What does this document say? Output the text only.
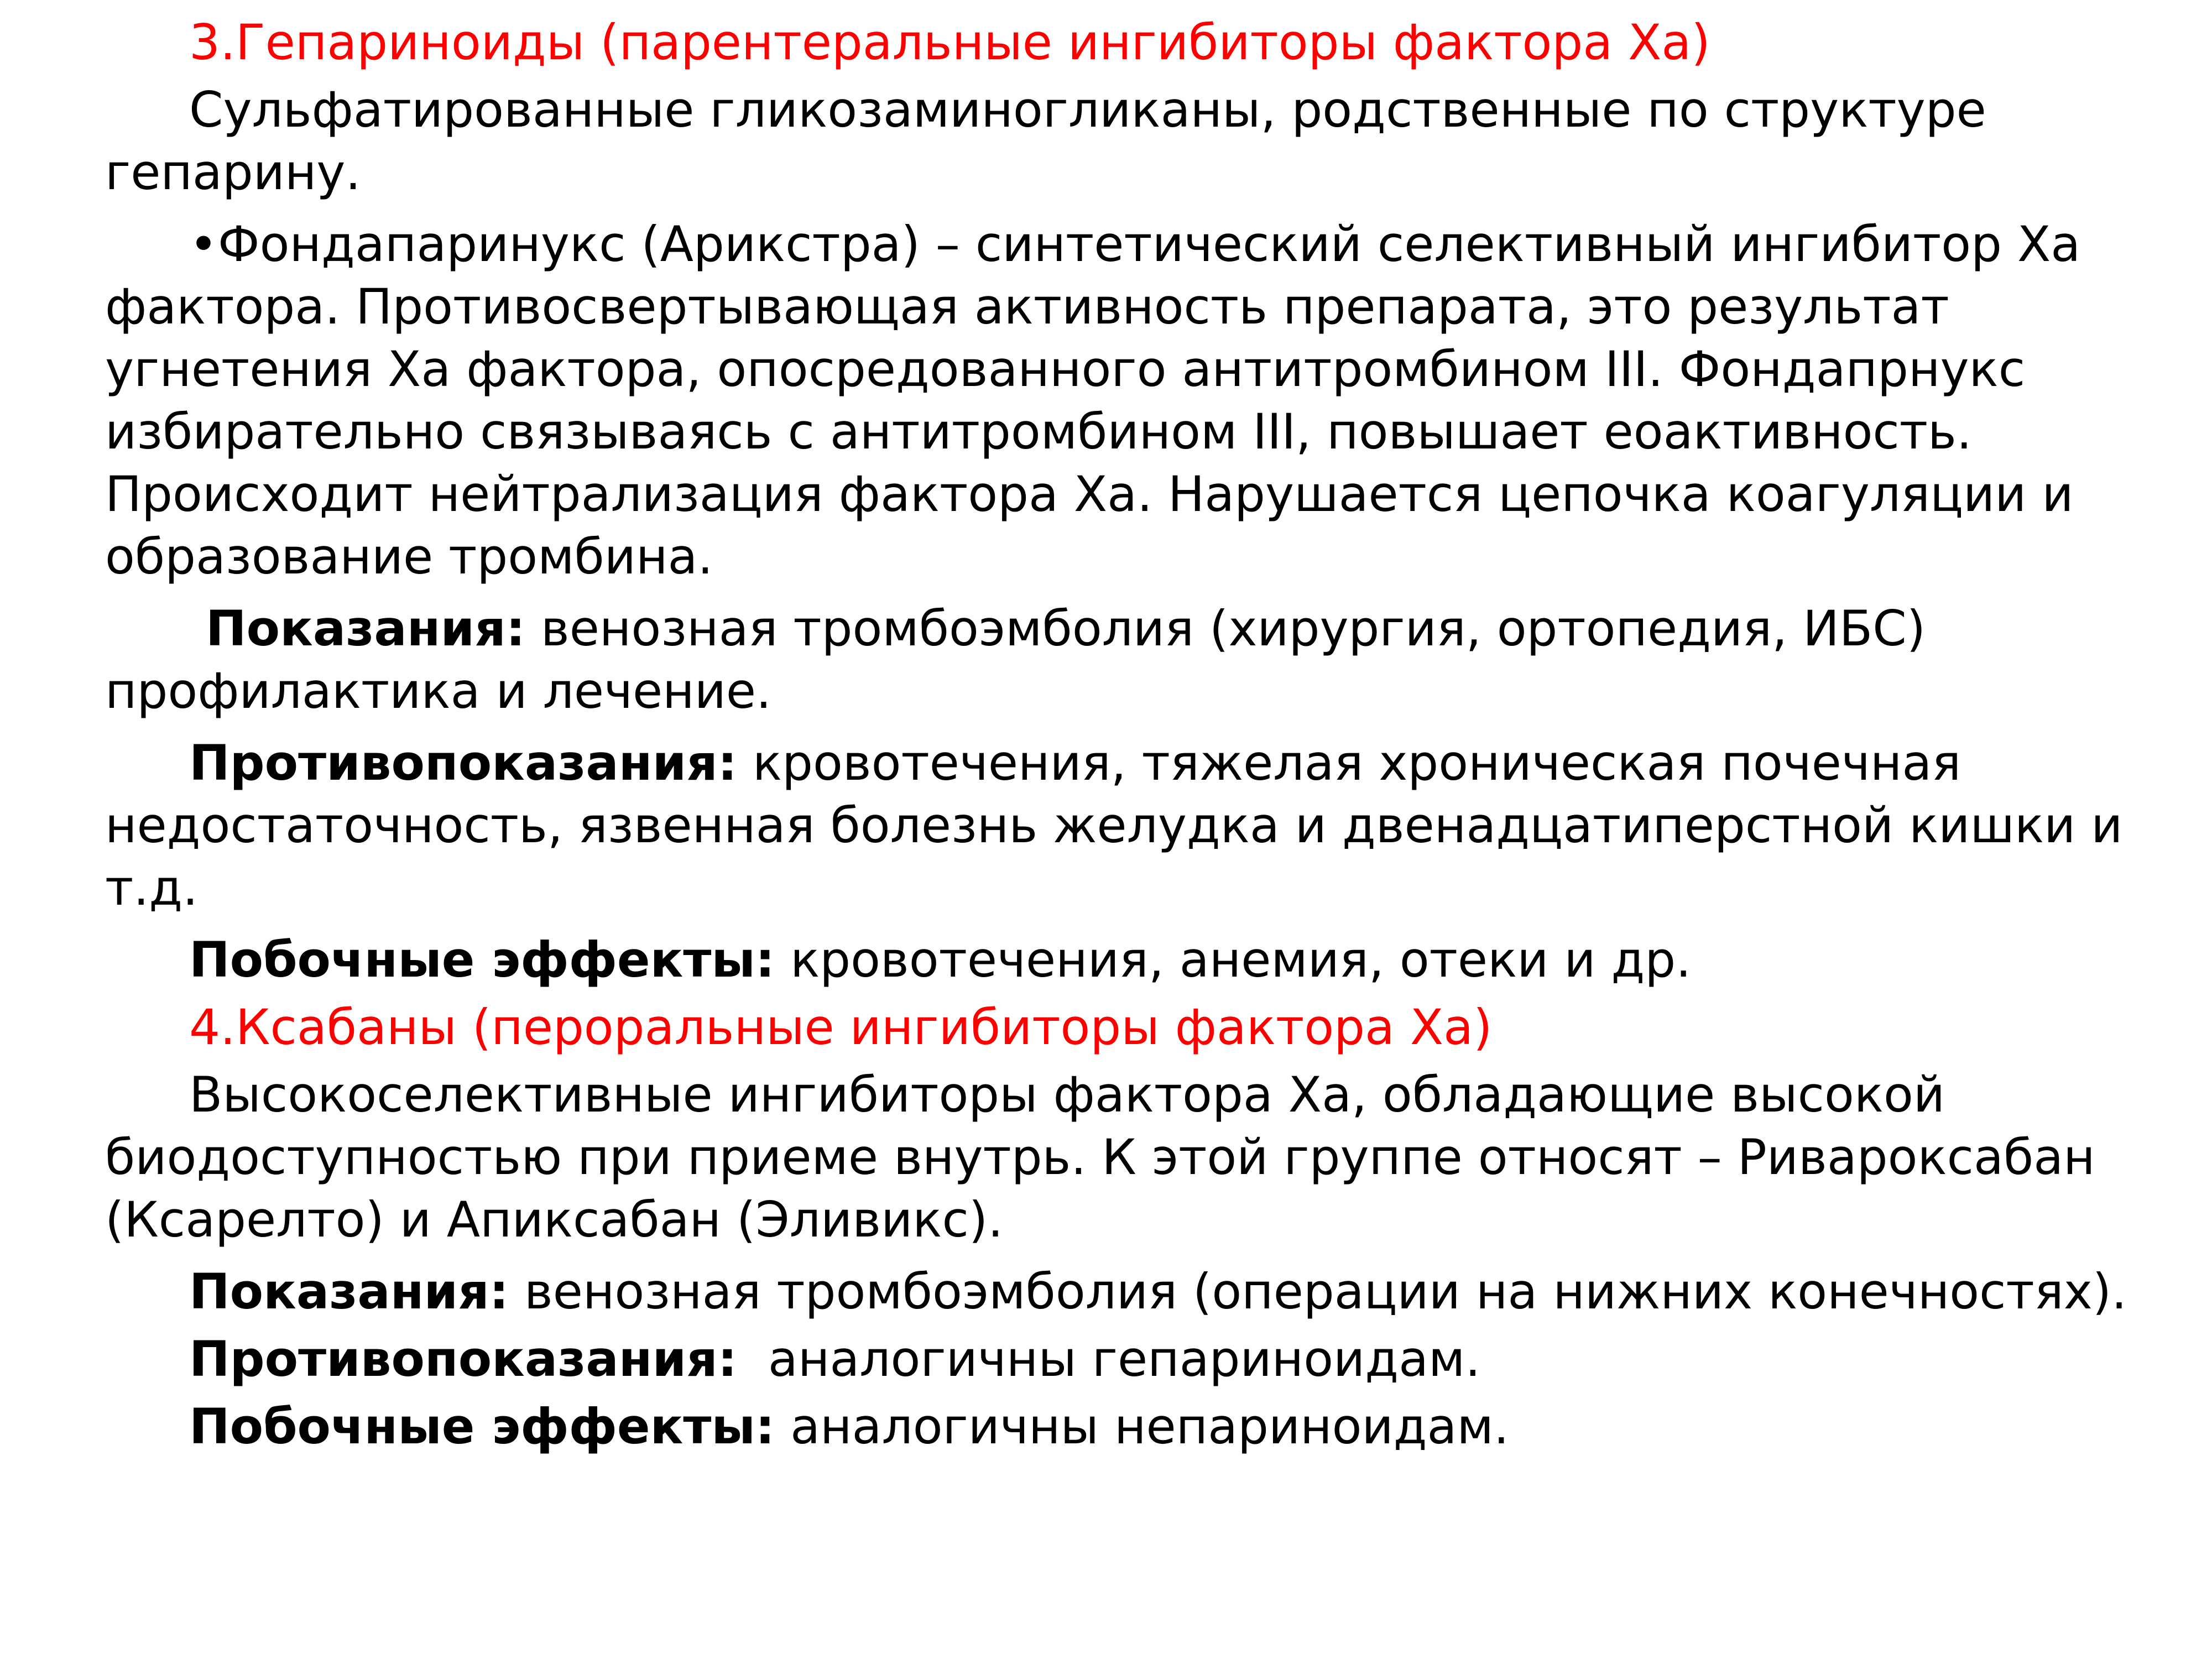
3.Гепариноиды (парентеральные ингибиторы фактора Ха)

Сульфатированные гликозаминогликаны, родственные по структуре гепарину.

•Фондапаринукс (Арикстра) – синтетический селективный ингибитор Ха фактора. Противосвертывающая активность препарата, это результат угнетения Ха фактора, опосредованного антитромбином III. Фондапрнукс избирательно связываясь с антитромбином III, повышает еоактивность. Происходит нейтрализация фактора Ха. Нарушается цепочка коагуляции и образование тромбина.

Показания: венозная тромбоэмболия (хирургия, ортопедия, ИБС) профилактика и лечение.

Противопоказания: кровотечения, тяжелая хроническая почечная недостаточность, язвенная болезнь желудка и двенадцатиперстной кишки и т.д.

Побочные эффекты: кровотечения, анемия, отеки и др.

4.Ксабаны (пероральные ингибиторы фактора Ха)

Высокоселективные ингибиторы фактора Ха, обладающие высокой биодоступностью при приеме внутрь. К этой группе относят – Ривароксабан (Ксарелто) и Апиксабан (Эливикс).

Показания: венозная тромбоэмболия (операции на нижних конечностях).

Противопоказания:  аналогичны гепариноидам.

Побочные эффекты: аналогичны непариноидам.
